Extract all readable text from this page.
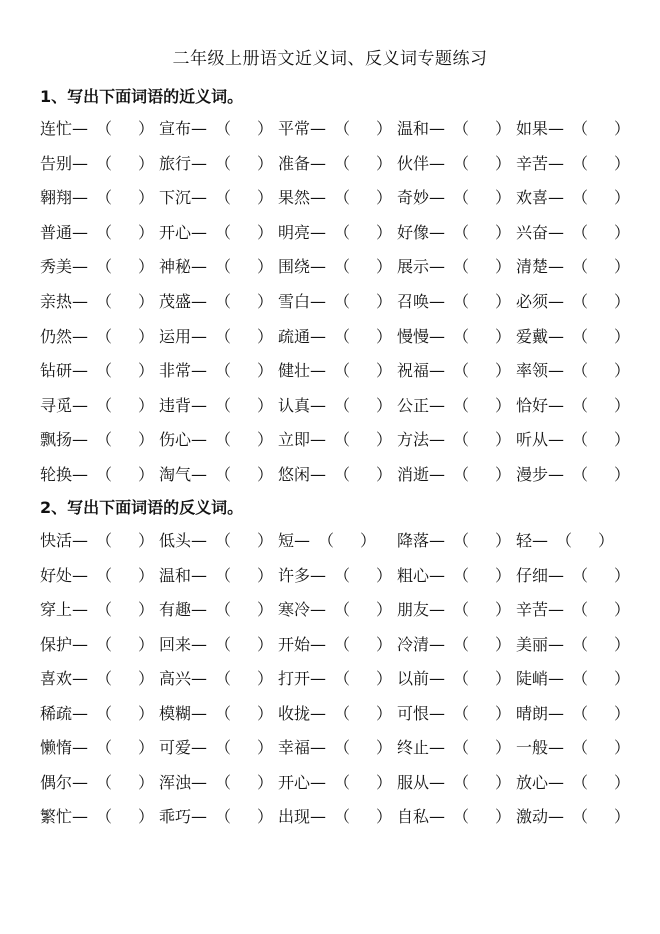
二年级上册语文近义词、反义词专题练习
1、写出下面词语的近义词。
连忙— （ ） 宣布— （ ） 平常— （ ） 温和— （ ） 如果— （ ）
告别— （ ） 旅行— （ ） 准备— （ ） 伙伴— （ ） 辛苦— （ ）
翱翔— （ ） 下沉— （ ） 果然— （ ） 奇妙— （ ） 欢喜— （ ）
普通— （ ） 开心— （ ） 明亮— （ ） 好像— （ ） 兴奋— （ ）
秀美— （ ） 神秘— （ ） 围绕— （ ） 展示— （ ） 清楚— （ ）
亲热— （ ） 茂盛— （ ） 雪白— （ ） 召唤— （ ） 必须— （ ）
仍然— （ ） 运用— （ ） 疏通— （ ） 慢慢— （ ） 爱戴— （ ）
钻研— （ ） 非常— （ ） 健壮— （ ） 祝福— （ ） 率领— （ ）
寻觅— （ ） 违背— （ ） 认真— （ ） 公正— （ ） 恰好— （ ）
飘扬— （ ） 伤心— （ ） 立即— （ ） 方法— （ ） 听从— （ ）
轮换— （ ） 淘气— （ ） 悠闲— （ ） 消逝— （ ） 漫步— （ ）
2、写出下面词语的反义词。
快活— （ ） 低头— （ ） 短— （ ） 降落— （ ） 轻— （ ）
好处— （ ） 温和— （ ） 许多— （ ） 粗心— （ ） 仔细— （ ）
穿上— （ ） 有趣— （ ） 寒冷— （ ） 朋友— （ ） 辛苦— （ ）
保护— （ ） 回来— （ ） 开始— （ ） 冷清— （ ） 美丽— （ ）
喜欢— （ ） 高兴— （ ） 打开— （ ） 以前— （ ） 陡峭— （ ）
稀疏— （ ） 模糊— （ ） 收拢— （ ） 可恨— （ ） 晴朗— （ ）
懒惰— （ ） 可爱— （ ） 幸福— （ ） 终止— （ ） 一般— （ ）
偶尔— （ ） 浑浊— （ ） 开心— （ ） 服从— （ ） 放心— （ ）
繁忙— （ ） 乖巧— （ ） 出现— （ ） 自私— （ ） 激动— （ ）
